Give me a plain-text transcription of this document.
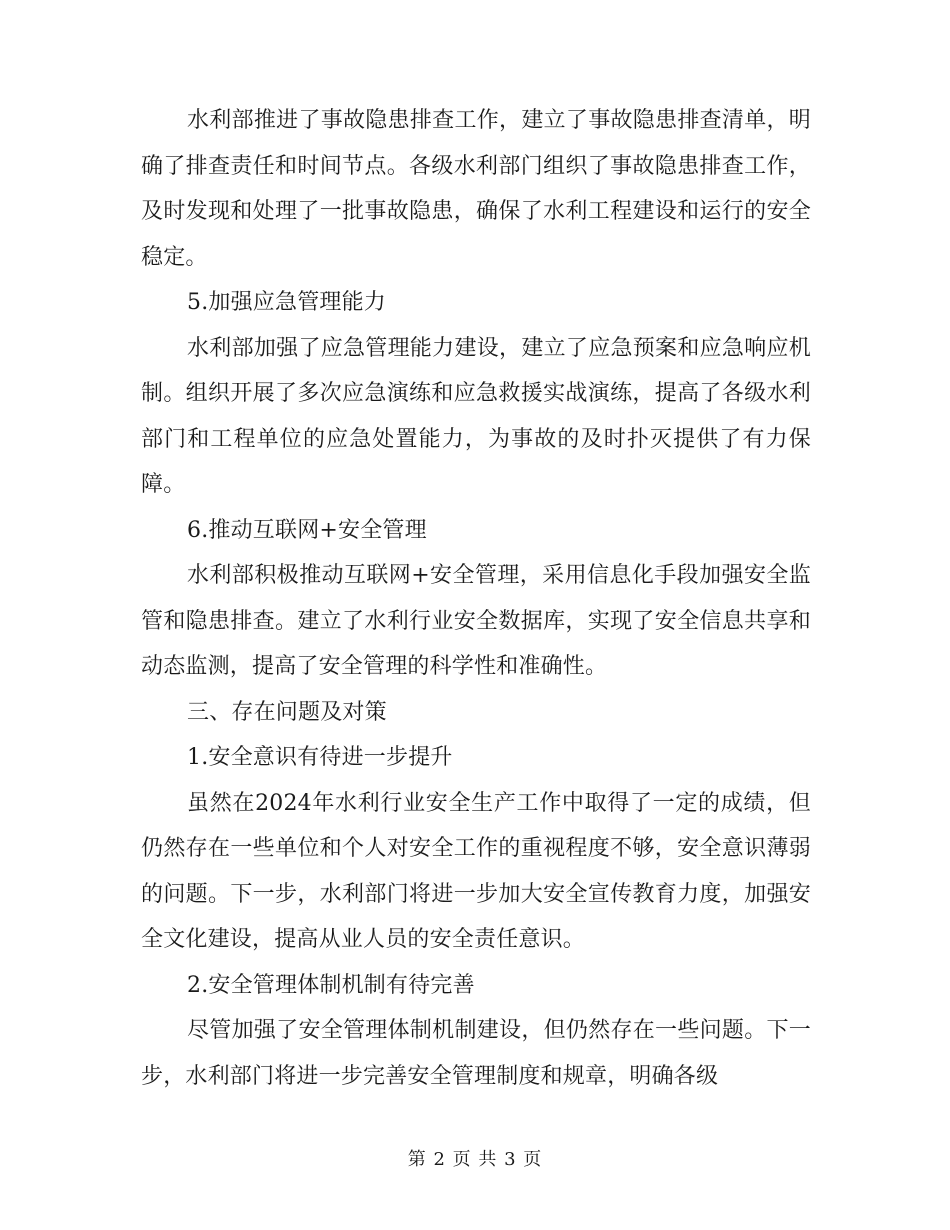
水利部推进了事故隐患排查工作，建立了事故隐患排查清单，明确了排查责任和时间节点。各级水利部门组织了事故隐患排查工作，及时发现和处理了一批事故隐患，确保了水利工程建设和运行的安全稳定。

5.加强应急管理能力

水利部加强了应急管理能力建设，建立了应急预案和应急响应机制。组织开展了多次应急演练和应急救援实战演练，提高了各级水利部门和工程单位的应急处置能力，为事故的及时扑灭提供了有力保障。

6.推动互联网+安全管理

水利部积极推动互联网+安全管理，采用信息化手段加强安全监管和隐患排查。建立了水利行业安全数据库，实现了安全信息共享和动态监测，提高了安全管理的科学性和准确性。

三、存在问题及对策

1.安全意识有待进一步提升

虽然在2024年水利行业安全生产工作中取得了一定的成绩，但仍然存在一些单位和个人对安全工作的重视程度不够，安全意识薄弱的问题。下一步，水利部门将进一步加大安全宣传教育力度，加强安全文化建设，提高从业人员的安全责任意识。

2.安全管理体制机制有待完善

尽管加强了安全管理体制机制建设，但仍然存在一些问题。下一步，水利部门将进一步完善安全管理制度和规章，明确各级

第 2 页 共 3 页
